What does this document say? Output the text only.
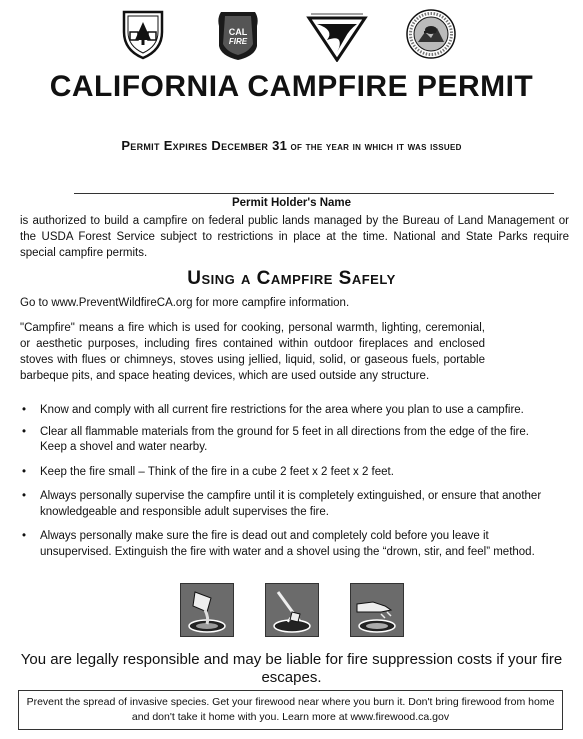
CAL
FIRE
CALIFORNIA CAMPFIRE PERMIT
Permit Expires December 31 of the year in which it was issued
Permit Holder's Name
is authorized to build a campfire on federal public lands managed by the Bureau of Land Management or the USDA Forest Service subject to restrictions in place at the time. National and State Parks require special campfire permits.
Using a Campfire Safely
Go to www.PreventWildfireCA.org for more campfire information.
"Campfire" means a fire which is used for cooking, personal warmth, lighting, ceremonial, or aesthetic purposes, including fires contained within outdoor fireplaces and enclosed stoves with flues or chimneys, stoves using jellied, liquid, solid, or gaseous fuels, portable barbeque pits, and space heating devices, which are used outside any structure.
• Know and comply with all current fire restrictions for the area where you plan to use a campfire.
• Clear all flammable materials from the ground for 5 feet in all directions from the edge of the fire. Keep a shovel and water nearby.
• Keep the fire small – Think of the fire in a cube 2 feet x 2 feet x 2 feet.
• Always personally supervise the campfire until it is completely extinguished, or ensure that another knowledgeable and responsible adult supervises the fire.
• Always personally make sure the fire is dead out and completely cold before you leave it unsupervised. Extinguish the fire with water and a shovel using the “drown, stir, and feel” method.
You are legally responsible and may be liable for fire suppression costs if your fire escapes.
Prevent the spread of invasive species. Get your firewood near where you burn it. Don't bring firewood from home and don't take it home with you. Learn more at www.firewood.ca.gov
